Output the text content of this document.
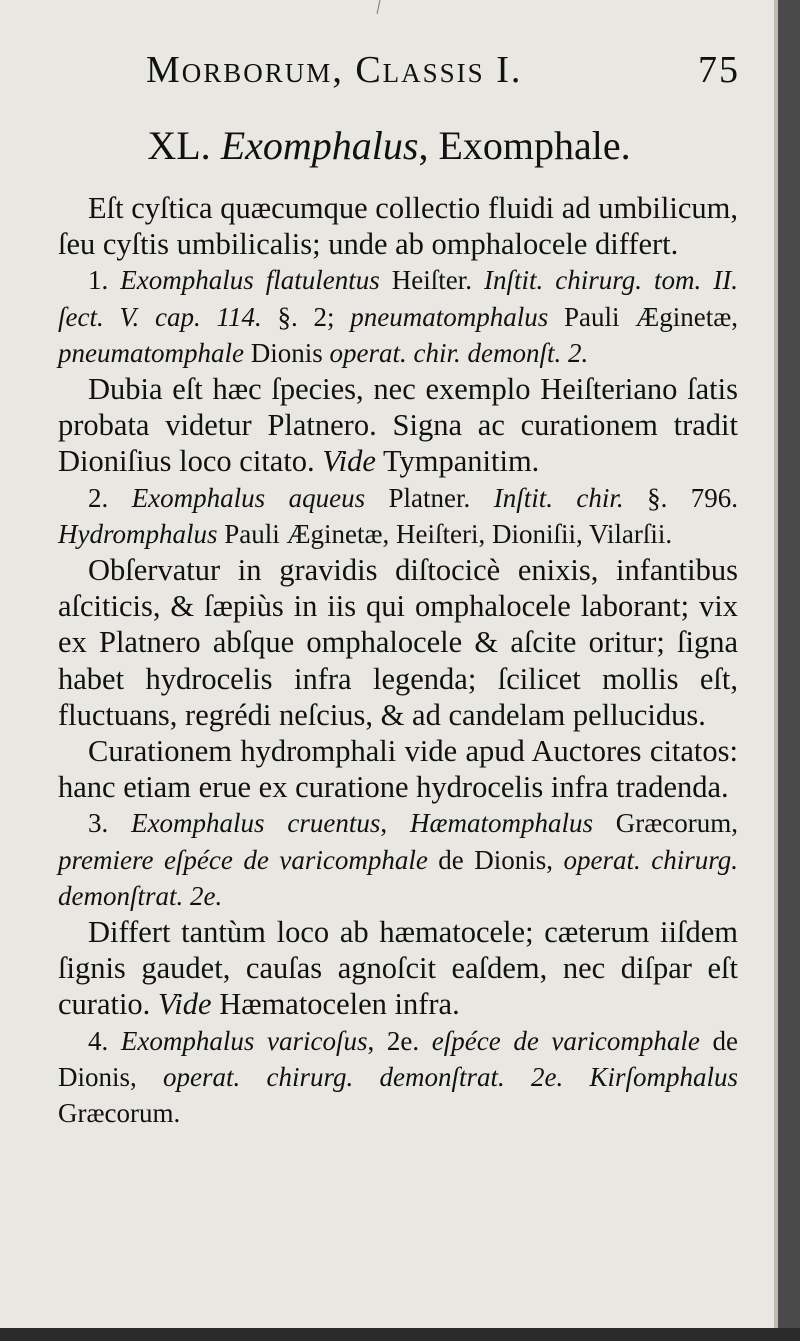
Morborum, Classis I.	75
XL. Exomphalus, Exomphale.

Eſt cyſtica quæcumque collectio fluidi ad umbilicum, ſeu cyſtis umbilicalis; unde ab omphalocele differt.

1. Exomphalus flatulentus Heiſter. Inſtit. chirurg. tom. II. ſect. V. cap. 114. §. 2; pneumatomphalus Pauli Æginetæ, pneumatomphale Dionis operat. chir. demonſt. 2.

Dubia eſt hæc ſpecies, nec exemplo Heiſteriano ſatis probata videtur Platnero. Signa ac curationem tradit Dioniſius loco citato. Vide Tympanitim.

2. Exomphalus aqueus Platner. Inſtit. chir. §. 796. Hydromphalus Pauli Æginetæ, Heiſteri, Dioniſii, Vilarſii.

Obſervatur in gravidis diſtocicè enixis, infantibus aſciticis, & ſæpiùs in iis qui omphalocele laborant; vix ex Platnero abſque omphalocele & aſcite oritur; ſigna habet hydrocelis infra legenda; ſcilicet mollis eſt, fluctuans, regrédi neſcius, & ad candelam pellucidus.

Curationem hydromphali vide apud Auctores citatos: hanc etiam erue ex curatione hydrocelis infra tradenda.

3. Exomphalus cruentus, Hæmatomphalus Græcorum, premiere eſpéce de varicomphale de Dionis, operat. chirurg. demonſtrat. 2e.

Differt tantùm loco ab hæmatocele; cæterum iiſdem ſignis gaudet, cauſas agnoſcit eaſdem, nec diſpar eſt curatio. Vide Hæmatocelen infra.

4. Exomphalus varicoſus, 2e. eſpéce de varicomphale de Dionis, operat. chirurg. demonſtrat. 2e. Kirſomphalus Græcorum.
